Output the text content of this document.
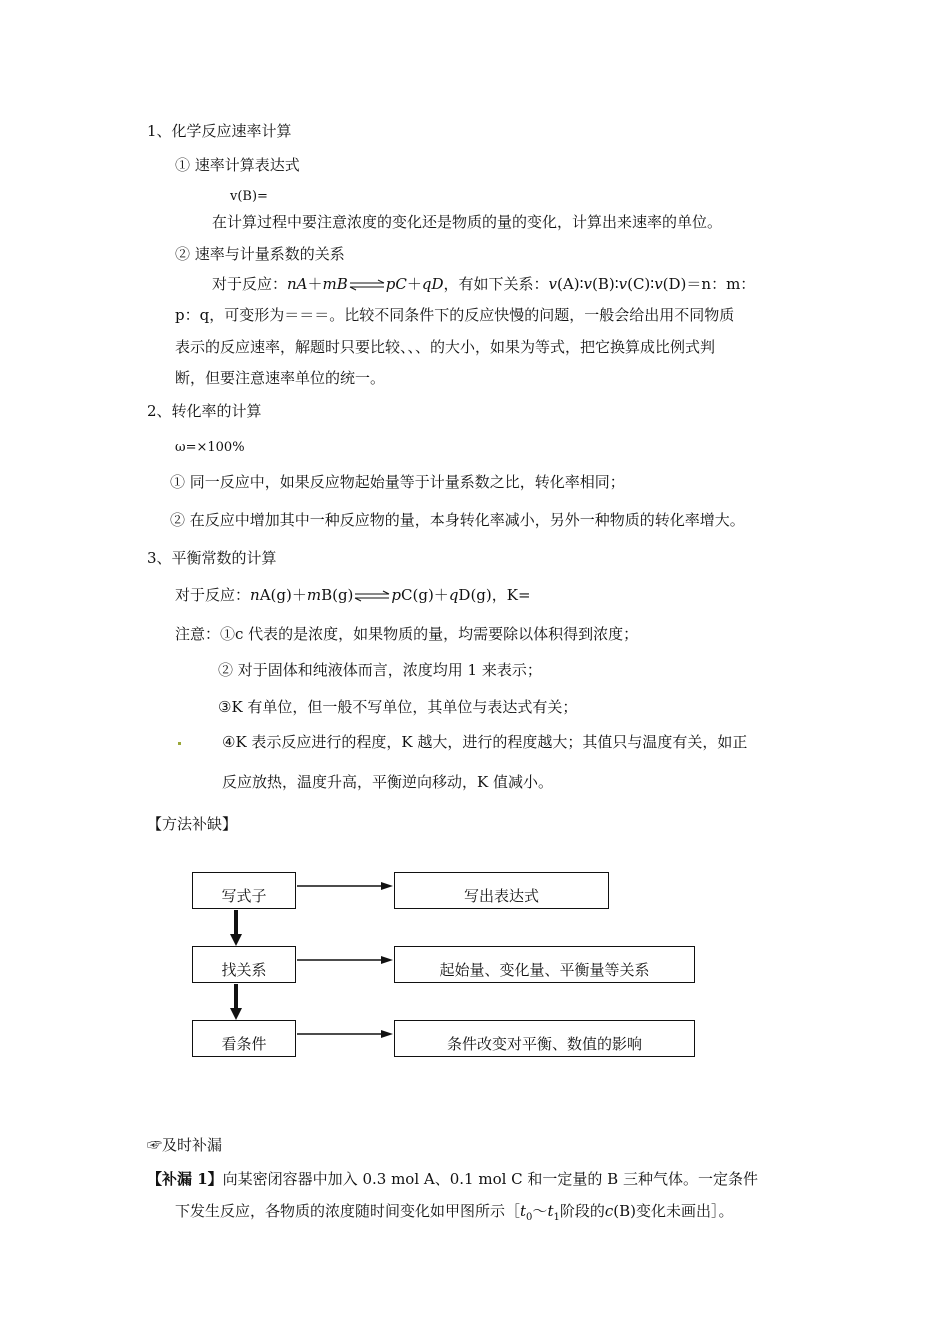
1、化学反应速率计算
① 速率计算表达式
v(B)=
在计算过程中要注意浓度的变化还是物质的量的变化，计算出来速率的单位。
② 速率与计量系数的关系
对于反应：nA＋mB⇌pC＋qD，有如下关系：v(A)∶v(B)∶v(C)∶v(D)＝n：m：
p：q，可变形为＝＝＝。比较不同条件下的反应快慢的问题，一般会给出用不同物质
表示的反应速率，解题时只要比较、、、的大小，如果为等式，把它换算成比例式判
断，但要注意速率单位的统一。
2、转化率的计算
ω=×100%
① 同一反应中，如果反应物起始量等于计量系数之比，转化率相同；
② 在反应中增加其中一种反应物的量，本身转化率减小，另外一种物质的转化率增大。
3、平衡常数的计算
对于反应：nA(g)＋mB(g)⇌pC(g)＋qD(g)，K=
注意：①c 代表的是浓度，如果物质的量，均需要除以体积得到浓度；
② 对于固体和纯液体而言，浓度均用 1 来表示；
③K 有单位，但一般不写单位，其单位与表达式有关；
④K 表示反应进行的程度，K 越大，进行的程度越大；其值只与温度有关，如正
反应放热，温度升高，平衡逆向移动，K 值减小。
【方法补缺】
写式子	写出表达式
找关系	起始量、变化量、平衡量等关系
看条件	条件改变对平衡、数值的影响
☞及时补漏
【补漏 1】向某密闭容器中加入 0.3 mol A、0.1 mol C 和一定量的 B 三种气体。一定条件
下发生反应，各物质的浓度随时间变化如甲图所示$[t_0\sim t_1$阶段的c(B)变化未画出］。
